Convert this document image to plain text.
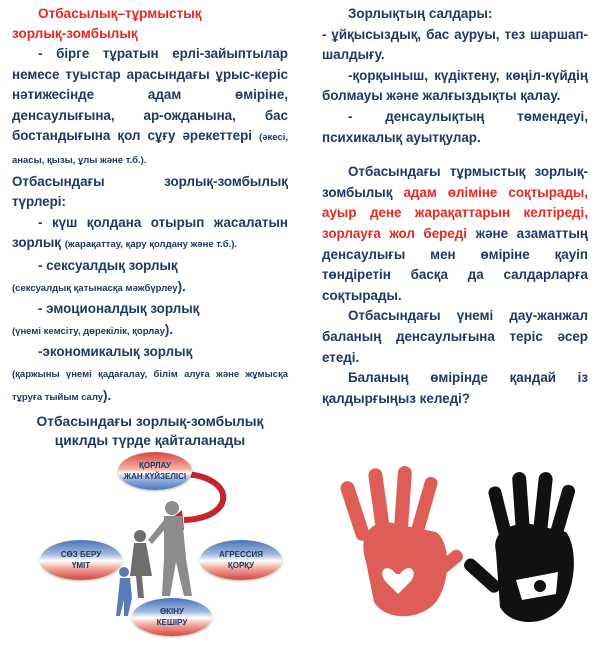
Отбасылық–тұрмыстық
зорлық-зомбылық
- бірге тұратын ерлі-зайыптылар немесе туыстар арасындағы ұрыс-керіс нәтижесінде адам өміріне, денсаулығына, ар-ожданына, бас бостандығына қол сұғу әрекеттері (әкесі, анасы, қызы, ұлы және т.б.).
Отбасындағы зорлық-зомбылық түрлері:
- күш қолдана отырып жасалатын зорлық (жарақаттау, қару қолдану және т.б.).
- сексуалдық зорлық
(сексуалдық қатынасқа мәжбүрлеу).
- эмоционалдық зорлық
(үнемі кемсіту, дөрекілік, қорлау).
-экономикалық зорлық
(қаржыны үнемі қадағалау, білім алуға және жұмысқа тұруға тыйым салу).
Отбасындағы зорлық-зомбылық циклды түрде қайталанады
ҚОРЛАУ
ЖАН КҮЙЗЕЛІСІ
СӨЗ БЕРУ
ҮМІТ
АГРЕССИЯ
ҚОРҚУ
ӨКІНУ
КЕШІРУ
Зорлықтың салдары:
- ұйқысыздық, бас ауруы, тез шаршап-шалдығу.
-қорқыныш, күдіктену, көңіл-күйдің болмауы және жалғыздықты қалау.
- денсаулықтың төмендеуі, психикалық ауытқулар.
Отбасындағы тұрмыстық зорлық-зомбылық адам өліміне соқтырады, ауыр дене жарақаттарын келтіреді, зорлауға жол береді және азаматтың денсаулығы мен өміріне қауіп төндіретін басқа да салдарларға соқтырады.
Отбасындағы үнемі дау-жанжал баланың денсаулығына теріс әсер етеді.
Баланың өмірінде қандай із қалдырғыңыз келеді?
